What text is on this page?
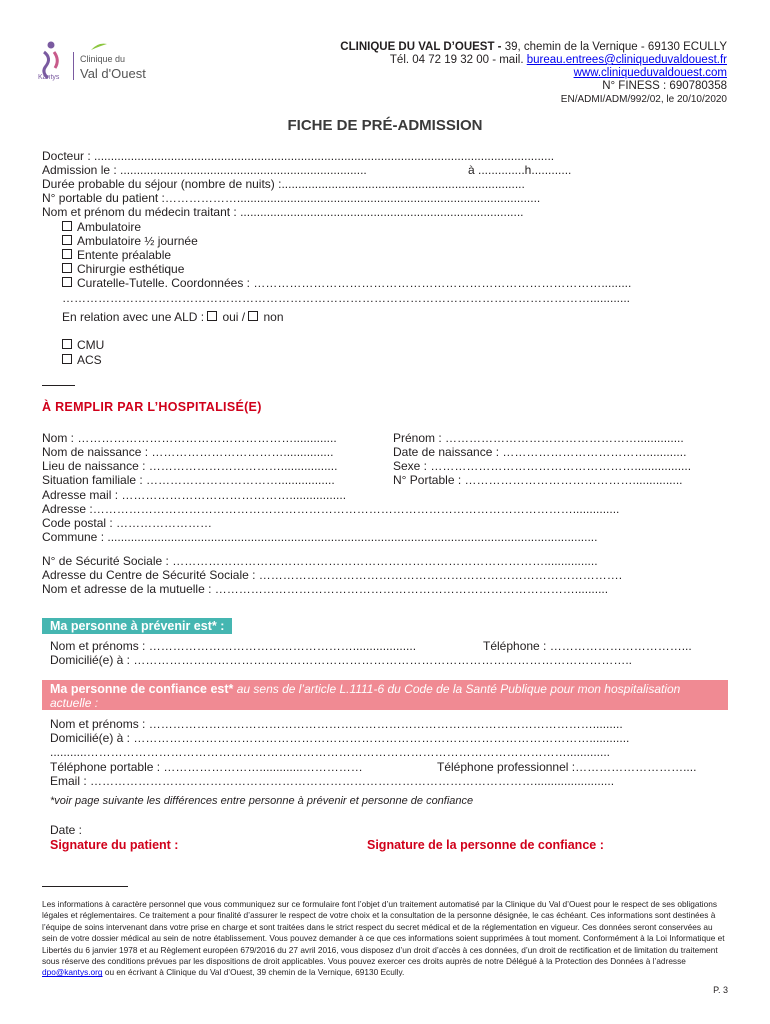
Kantys
Clinique du
Val d'Ouest
CLINIQUE DU VAL D’OUEST - 39, chemin de la Vernique - 69130 ECULLY
Tél. 04 72 19 32 00 - mail. bureau.entrees@cliniqueduvaldouest.fr
www.cliniqueduvaldouest.com
N° FINESS : 690780358
EN/ADMI/ADM/992/02, le 20/10/2020
FICHE DE PRÉ-ADMISSION
Docteur : ..........................................................................................................................................
Admission le : ..........................................................................	à ..............h............
Durée probable du séjour (nombre de nuits) :.........................................................................
N° portable du patient :………………...........................................................................................
Nom et prénom du médecin traitant : .....................................................................................
Ambulatoire
Ambulatoire ½ journée
Entente préalable
Chirurgie esthétique
Curatelle-Tutelle. Coordonnées : …………………………………………………………………………….........
……………………………………………………………………………………………………………………............
En relation avec une ALD : oui / non
CMU
ACS
À REMPLIR PAR L’HOSPITALISÉ(E)
Nom : ……………………………………………….............	Prénom : …………………………………………..............
Nom de naissance : ……………………………...............	Date de naissance : ………………………………............
Lieu de naissance : …………………………….................	Sexe : …………………………………………….................
Situation familiale : …………………………….................	N° Portable : ……………………………………...............
Adresse mail : …………………………………….................
Adresse :…………………………………………………………………………………………………………..............
Code postal : ……………………
Commune : ...................................................................................................................................................
N° de Sécurité Sociale : …………………………………………………………………………………................
Adresse du Centre de Sécurité Sociale : ……………………………………………………………………………….
Nom et adresse de la mutuelle : ………………………………………………………………………………..........
Ma personne à prévenir est* :
Nom et prénoms : ……………………………………………...................	Téléphone : ……………………………...
Domicilié(e) à : ……………………………………………………………………………………………………………..
Ma personne de confiance est* au sens de l’article L.1111-6 du Code de la Santé Publique pour mon hospitalisation actuelle :
Nom et prénoms : ………………………………………………………………………………………………….........
Domicilié(e) à : ……………………………………………………………………………………………………............
...........………………………………………………………………………………………………………….............
Téléphone portable : …………………….............……………	Téléphone professionnel :………………………....
Email : …………………………………………………………………………………………………........................
*voir page suivante les différences entre personne à prévenir et personne de confiance
Date :
Signature du patient :	Signature de la personne de confiance :
Les informations à caractère personnel que vous communiquez sur ce formulaire font l’objet d’un traitement automatisé par la Clinique du Val d’Ouest pour le respect de ses obligations légales et réglementaires. Ce traitement a pour finalité d’assurer le respect de votre choix et la consultation de la personne désignée, le cas échéant. Ces informations sont destinées à l’équipe de soins intervenant dans votre prise en charge et sont traitées dans le strict respect du secret médical et de la réglementation en vigueur. Ces données seront conservées au sein de votre dossier médical au sein de notre établissement. Vous pouvez demander à ce que ces informations soient supprimées à tout moment. Conformément à la Loi Informatique et Libertés du 6 janvier 1978 et au Règlement européen 679/2016 du 27 avril 2016, vous disposez d’un droit d’accès à ces données, d’un droit de rectification et de limitation du traitement sous réserve des conditions prévues par les dispositions de droit applicables. Vous pouvez exercer ces droits auprès de notre Délégué à la Protection des Données à l’adresse dpo@kantys.org ou en écrivant à Clinique du Val d’Ouest, 39 chemin de la Vernique, 69130 Ecully.
P. 3
